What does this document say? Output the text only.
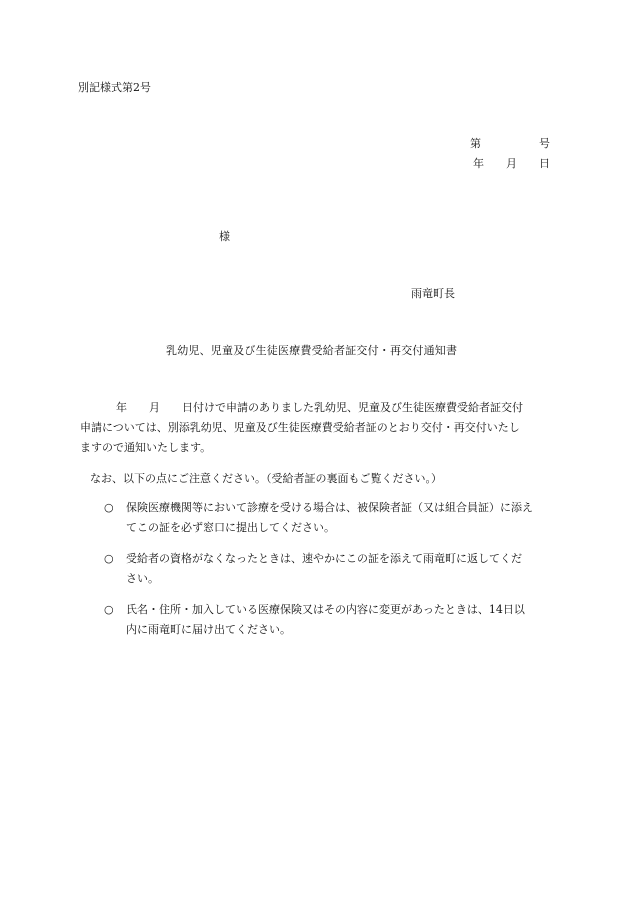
別記様式第2号
第	号
年 月 日
様
雨竜町長
乳幼児、児童及び生徒医療費受給者証交付・再交付通知書
年　　月　　日付けで申請のありました乳幼児、児童及び生徒医療費受給者証交付
申請については、別添乳幼児、児童及び生徒医療費受給者証のとおり交付・再交付いたし
ますので通知いたします。
なお、以下の点にご注意ください。（受給者証の裏面もご覧ください。）
○ 保険医療機関等において診療を受ける場合は、被保険者証（又は組合員証）に添え
てこの証を必ず窓口に提出してください。
○ 受給者の資格がなくなったときは、速やかにこの証を添えて雨竜町に返してくだ
さい。
○ 氏名・住所・加入している医療保険又はその内容に変更があったときは、14日以
内に雨竜町に届け出てください。
